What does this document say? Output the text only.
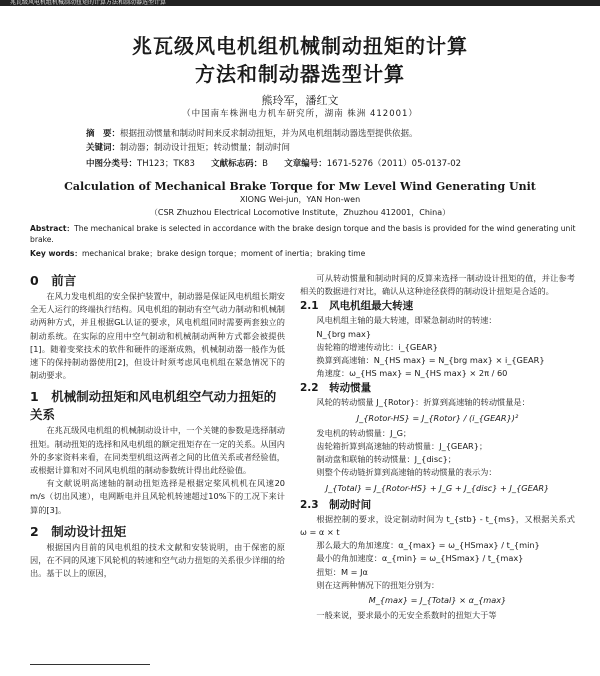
兆瓦级风电机组机械制动扭矩的计算方法和制动器选型计算
兆瓦级风电机组机械制动扭矩的计算
方法和制动器选型计算
熊玲军，潘红文
（中国南车株洲电力机车研究所，湖南 株洲 412001）
摘　要：根据扭动惯量和制动时间来反求制动扭矩，并为风电机组制动器选型提供依据。
关键词：制动器；制动设计扭矩；转动惯量；制动时间
中图分类号：TH123；TK83 文献标志码：B 文章编号：1671-5276（2011）05-0137-02
Calculation of Mechanical Brake Torque for Mw Level Wind Generating Unit
XIONG Wei-jun，YAN Hon-wen
（CSR Zhuzhou Electrical Locomotive Institute，Zhuzhou 412001，China）
Abstract：The mechanical brake is selected in accordance with the brake design torque and the basis is provided for the wind generating unit brake.
Key words：mechanical brake；brake design torque；moment of inertia；braking time
0　前言

在风力发电机组的安全保护装置中，制动器是保证风电机组长期安全无人运行的终端执行结构。风电机组的制动有空气动力制动和机械制动两种方式，并且根据GL认证的要求，风电机组同时需要两套独立的制动系统。在实际的应用中空气制动和机械制动两种方式都会被提供[1]。随着变桨技术的软件和硬件的逐渐成熟，机械制动器一般作为低速下的保持制动器使用[2]，但设计时须考虑风电机组在紧急情况下的制动要求。

1　机械制动扭矩和风电机组空气动力扭矩的关系

在兆瓦级风电机组的机械制动设计中，一个关键的参数是选择制动扭矩。制动扭矩的选择和风电机组的额定扭矩存在一定的关系。从国内外的多家资料来看，在同类型机组这两者之间的比值关系或者经验值，或根据计算和对不同风电机组的制动参数统计得出此经验值。

有文献说明高速轴的制动扭矩选择是根据定桨风机机在风速20 m/s（切出风速），电网断电并且风轮机转速超过10%下的工况下来计算的[3]。

2　制动设计扭矩

根据国内目前的风电机组的技术文献和安装说明，由于保密的原因，在不同的风速下风轮机的转速和空气动力扭矩的关系很少详细的给出。基于以上的原因，

可从转动惯量和制动时间的反算来选择一制动设计扭矩的值，并让参考相关的数据进行对比，确认从这种途径获得的制动设计扭矩是合适的。

2.1　风电机组最大转速

风电机组主轴的最大转速，即紧急制动时的转速：

N_{brg max}
齿轮箱的增速传动比：i_{GEAR}
换算到高速轴：N_{HS max} = N_{brg max} × i_{GEAR}
角速度：ω_{HS max} = N_{HS max} × 2π / 60
2.2　转动惯量
风轮的转动惯量 J_{Rotor}：折算到高速轴的转动惯量是：
J_{Rotor-HS} = J_{Rotor} / (i_{GEAR})²
发电机的转动惯量：J_G；
齿轮箱折算到高速轴的转动惯量：J_{GEAR}；
制动盘和联轴的转动惯量：J_{disc}；
则整个传动链折算到高速轴的转动惯量的表示为：
J_{Total} = J_{Rotor-HS} + J_G + J_{disc} + J_{GEAR}
2.3　制动时间

根据控制的要求，设定制动时间为 t_{stb} - t_{ms}，又根据关系式 ω = α × t

那么最大的角加速度：α_{max} = ω_{HSmax} / t_{min}
最小的角加速度：α_{min} = ω_{HSmax} / t_{max}
扭矩：M = Jα
则在这两种情况下的扭矩分别为：
M_{max} = J_{Total} × α_{max}
一般来说，要求最小的无安全系数时的扭矩大于等
